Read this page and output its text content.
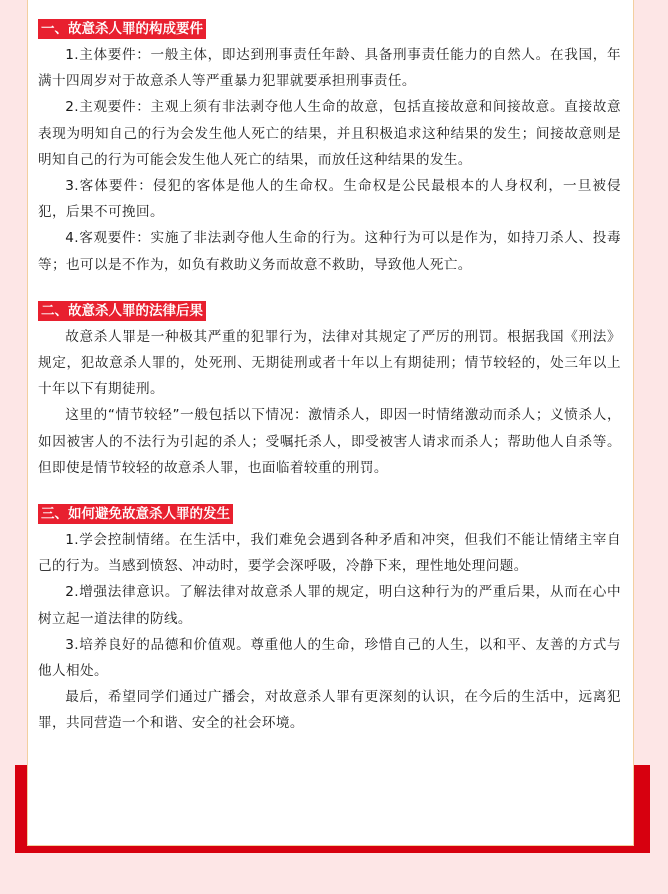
一、故意杀人罪的构成要件

1.主体要件：一般主体，即达到刑事责任年龄、具备刑事责任能力的自然人。在我国，年满十四周岁对于故意杀人等严重暴力犯罪就要承担刑事责任。

2.主观要件：主观上须有非法剥夺他人生命的故意，包括直接故意和间接故意。直接故意表现为明知自己的行为会发生他人死亡的结果，并且积极追求这种结果的发生；间接故意则是明知自己的行为可能会发生他人死亡的结果，而放任这种结果的发生。

3.客体要件：侵犯的客体是他人的生命权。生命权是公民最根本的人身权利，一旦被侵犯，后果不可挽回。

4.客观要件：实施了非法剥夺他人生命的行为。这种行为可以是作为，如持刀杀人、投毒等；也可以是不作为，如负有救助义务而故意不救助，导致他人死亡。

二、故意杀人罪的法律后果

故意杀人罪是一种极其严重的犯罪行为，法律对其规定了严厉的刑罚。根据我国《刑法》规定，犯故意杀人罪的，处死刑、无期徒刑或者十年以上有期徒刑；情节较轻的，处三年以上十年以下有期徒刑。

这里的“情节较轻”一般包括以下情况：激情杀人，即因一时情绪激动而杀人；义愤杀人，如因被害人的不法行为引起的杀人；受嘱托杀人，即受被害人请求而杀人；帮助他人自杀等。但即使是情节较轻的故意杀人罪，也面临着较重的刑罚。

三、如何避免故意杀人罪的发生

1.学会控制情绪。在生活中，我们难免会遇到各种矛盾和冲突，但我们不能让情绪主宰自己的行为。当感到愤怒、冲动时，要学会深呼吸，冷静下来，理性地处理问题。

2.增强法律意识。了解法律对故意杀人罪的规定，明白这种行为的严重后果，从而在心中树立起一道法律的防线。

3.培养良好的品德和价值观。尊重他人的生命，珍惜自己的人生，以和平、友善的方式与他人相处。

最后，希望同学们通过广播会，对故意杀人罪有更深刻的认识，在今后的生活中，远离犯罪，共同营造一个和谐、安全的社会环境。
